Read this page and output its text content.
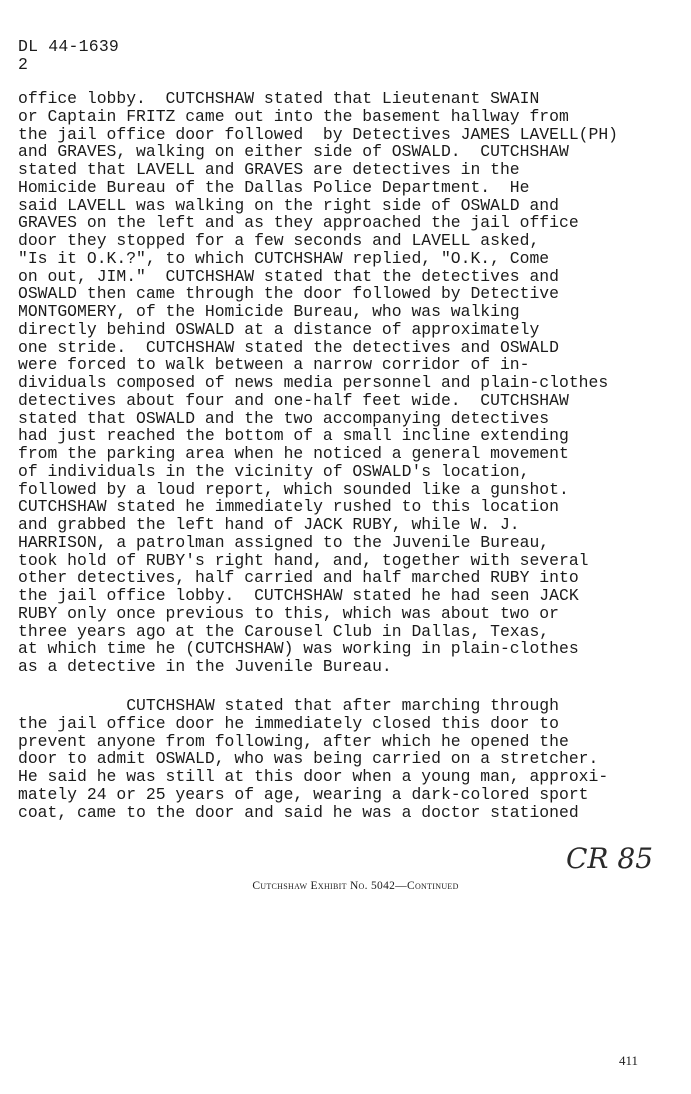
DL 44-1639
2
office lobby.  CUTCHSHAW stated that Lieutenant SWAIN
or Captain FRITZ came out into the basement hallway from
the jail office door followed  by Detectives JAMES LAVELL(PH)
and GRAVES, walking on either side of OSWALD.  CUTCHSHAW
stated that LAVELL and GRAVES are detectives in the
Homicide Bureau of the Dallas Police Department.  He
said LAVELL was walking on the right side of OSWALD and
GRAVES on the left and as they approached the jail office
door they stopped for a few seconds and LAVELL asked,
"Is it O.K.?", to which CUTCHSHAW replied, "O.K., Come
on out, JIM."  CUTCHSHAW stated that the detectives and
OSWALD then came through the door followed by Detective
MONTGOMERY, of the Homicide Bureau, who was walking
directly behind OSWALD at a distance of approximately
one stride.  CUTCHSHAW stated the detectives and OSWALD
were forced to walk between a narrow corridor of in-
dividuals composed of news media personnel and plain-clothes
detectives about four and one-half feet wide.  CUTCHSHAW
stated that OSWALD and the two accompanying detectives
had just reached the bottom of a small incline extending
from the parking area when he noticed a general movement
of individuals in the vicinity of OSWALD's location,
followed by a loud report, which sounded like a gunshot.
CUTCHSHAW stated he immediately rushed to this location
and grabbed the left hand of JACK RUBY, while W. J.
HARRISON, a patrolman assigned to the Juvenile Bureau,
took hold of RUBY's right hand, and, together with several
other detectives, half carried and half marched RUBY into
the jail office lobby.  CUTCHSHAW stated he had seen JACK
RUBY only once previous to this, which was about two or
three years ago at the Carousel Club in Dallas, Texas,
at which time he (CUTCHSHAW) was working in plain-clothes
as a detective in the Juvenile Bureau.
CUTCHSHAW stated that after marching through
the jail office door he immediately closed this door to
prevent anyone from following, after which he opened the
door to admit OSWALD, who was being carried on a stretcher.
He said he was still at this door when a young man, approxi-
mately 24 or 25 years of age, wearing a dark-colored sport
coat, came to the door and said he was a doctor stationed
CR 85
Cutchshaw Exhibit No. 5042—Continued
411
